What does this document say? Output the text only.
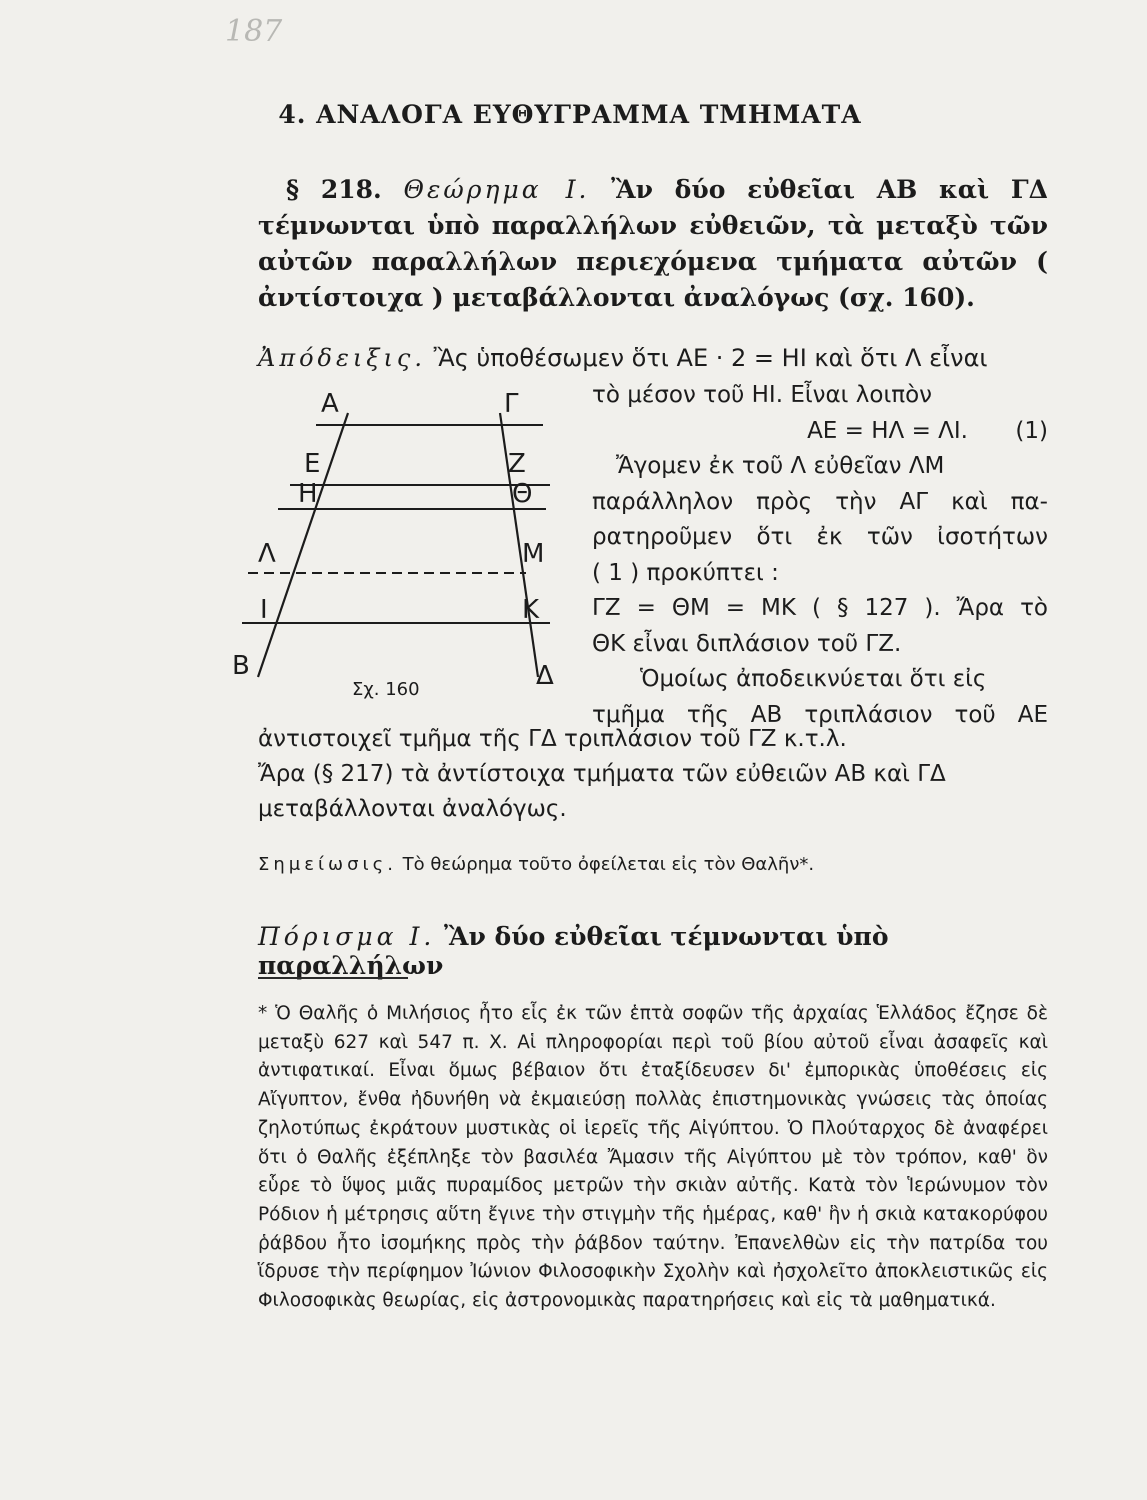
187
4. ΑΝΑΛΟΓΑ ΕΥΘΥΓΡΑΜΜΑ ΤΜΗΜΑΤΑ
§ 218. Θεώρημα Ι. Ἂν δύο εὐθεῖαι ΑΒ καὶ ΓΔ τέμνωνται ὑπὸ παραλλήλων εὐθειῶν, τὰ μεταξὺ τῶν αὐτῶν παραλλήλων περιεχόμενα τμήματα αὐτῶν ( ἀντίστοιχα ) μεταβάλλονται ἀναλόγως (σχ. 160).
Ἀπόδειξις. Ἂς ὑποθέσωμεν ὅτι ΑΕ · 2 = ΗΙ καὶ ὅτι Λ εἶναι
Α	Γ
Ε	Ζ
Η	Θ
Λ	Μ
Ι	Κ
Β	Δ
Σχ. 160

τὸ μέσον τοῦ ΗΙ. Εἶναι λοιπὸν

ΑΕ = ΗΛ = ΛΙ. (1)

Ἄγομεν ἐκ τοῦ Λ εὐθεῖαν ΛΜ

παράλληλον πρὸς τὴν ΑΓ καὶ πα-

ρατηροῦμεν ὅτι ἐκ τῶν ἰσοτήτων

( 1 ) προκύπτει :

ΓΖ = ΘΜ = ΜΚ ( § 127 ). Ἄρα τὸ

ΘΚ εἶναι διπλάσιον τοῦ ΓΖ.

Ὁμοίως ἀποδεικνύεται ὅτι εἰς

τμῆμα τῆς ΑΒ τριπλάσιον τοῦ ΑΕ

ἀντιστοιχεῖ τμῆμα τῆς ΓΔ τριπλάσιον τοῦ ΓΖ κ.τ.λ.

Ἄρα (§ 217) τὰ ἀντίστοιχα τμήματα τῶν εὐθειῶν ΑΒ καὶ ΓΔ

μεταβάλλονται ἀναλόγως.

Σημείωσις. Τὸ θεώρημα τοῦτο ὀφείλεται εἰς τὸν Θαλῆν*.
Πόρισμα Ι. Ἂν δύο εὐθεῖαι τέμνωνται ὑπὸ παραλλήλων

* Ὁ Θαλῆς ὁ Μιλήσιος ἦτο εἷς ἐκ τῶν ἑπτὰ σοφῶν τῆς ἀρχαίας Ἑλλάδος ἔζησε δὲ μεταξὺ 627 καὶ 547 π. Χ. Αἱ πληροφορίαι περὶ τοῦ βίου αὐτοῦ εἶναι ἀσαφεῖς καὶ ἀντιφατικαί. Εἶναι ὅμως βέβαιον ὅτι ἐταξίδευσεν δι' ἐμπορικὰς ὑποθέσεις εἰς Αἴγυπτον, ἔνθα ἠδυνήθη νὰ ἐκμαιεύσῃ πολλὰς ἐπιστημονικὰς γνώσεις τὰς ὁποίας ζηλοτύπως ἐκράτουν μυστικὰς οἱ ἱερεῖς τῆς Αἰγύπτου. Ὁ Πλούταρχος δὲ ἀναφέρει ὅτι ὁ Θαλῆς ἐξέπληξε τὸν βασιλέα Ἄμασιν τῆς Αἰγύπτου μὲ τὸν τρόπον, καθ' ὃν εὗρε τὸ ὕψος μιᾶς πυραμίδος μετρῶν τὴν σκιὰν αὐτῆς. Κατὰ τὸν Ἱερώνυμον τὸν Ρόδιον ἡ μέτρησις αὕτη ἔγινε τὴν στιγμὴν τῆς ἡμέρας, καθ' ἣν ἡ σκιὰ κατακορύφου ῥάβδου ἦτο ἰσομήκης πρὸς τὴν ῥάβδον ταύτην. Ἐπανελθὼν εἰς τὴν πατρίδα του ἵδρυσε τὴν περίφημον Ἰώνιον Φιλοσοφικὴν Σχολὴν καὶ ἠσχολεῖτο ἀποκλειστικῶς εἰς Φιλοσοφικὰς θεωρίας, εἰς ἀστρονομικὰς παρατηρήσεις καὶ εἰς τὰ μαθηματικά.
